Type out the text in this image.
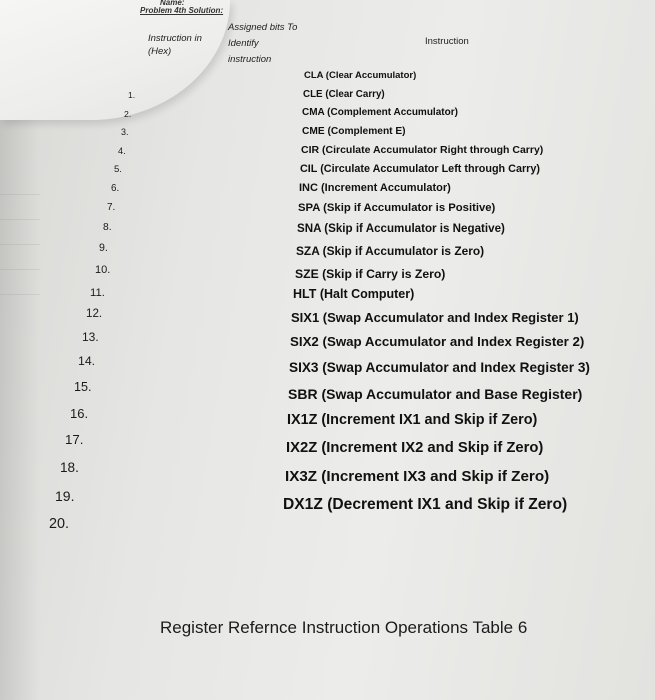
Name:
Problem 4th Solution:
Instruction in (Hex)
Assigned bits To Identify instruction
Instruction
1.
CLA (Clear Accumulator)
2.
CLE (Clear Carry)
3.
CMA (Complement Accumulator)
4.
CME (Complement E)
5.
CIR (Circulate Accumulator Right through Carry)
6.
CIL (Circulate Accumulator Left through Carry)
7.
INC (Increment Accumulator)
8.
SPA (Skip if Accumulator is Positive)
9.
SNA (Skip if Accumulator is Negative)
10.
SZA (Skip if Accumulator is Zero)
11.
SZE (Skip if Carry is Zero)
12.
HLT (Halt Computer)
13.
SIX1 (Swap Accumulator and Index Register 1)
14.
SIX2 (Swap Accumulator and Index Register 2)
15.
SIX3 (Swap Accumulator and Index Register 3)
16.
SBR (Swap Accumulator and Base Register)
17.
IX1Z (Increment IX1 and Skip if Zero)
18.
IX2Z (Increment IX2 and Skip if Zero)
19.
IX3Z (Increment IX3 and Skip if Zero)
20.
DX1Z (Decrement IX1 and Skip if Zero)
Register Refernce Instruction Operations Table 6
